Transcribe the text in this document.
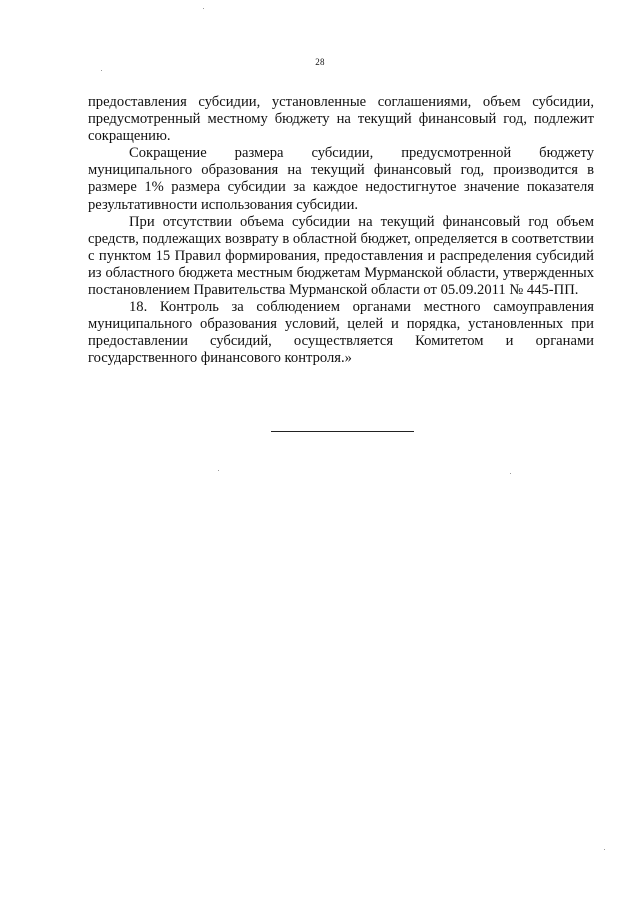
28

предоставления субсидии, установленные соглашениями, объем субсидии, предусмотренный местному бюджету на текущий финансовый год, подлежит сокращению.

Сокращение размера субсидии, предусмотренной бюджету муниципального образования на текущий финансовый год, производится в размере 1% размера субсидии за каждое недостигнутое значение показателя результативности использования субсидии.

При отсутствии объема субсидии на текущий финансовый год объем средств, подлежащих возврату в областной бюджет, определяется в соответствии с пунктом 15 Правил формирования, предоставления и распределения субсидий из областного бюджета местным бюджетам Мурманской области, утвержденных постановлением Правительства Мурманской области от 05.09.2011 № 445-ПП.

18. Контроль за соблюдением органами местного самоуправления муниципального образования условий, целей и порядка, установленных при предоставлении субсидий, осуществляется Комитетом и органами государственного финансового контроля.»
